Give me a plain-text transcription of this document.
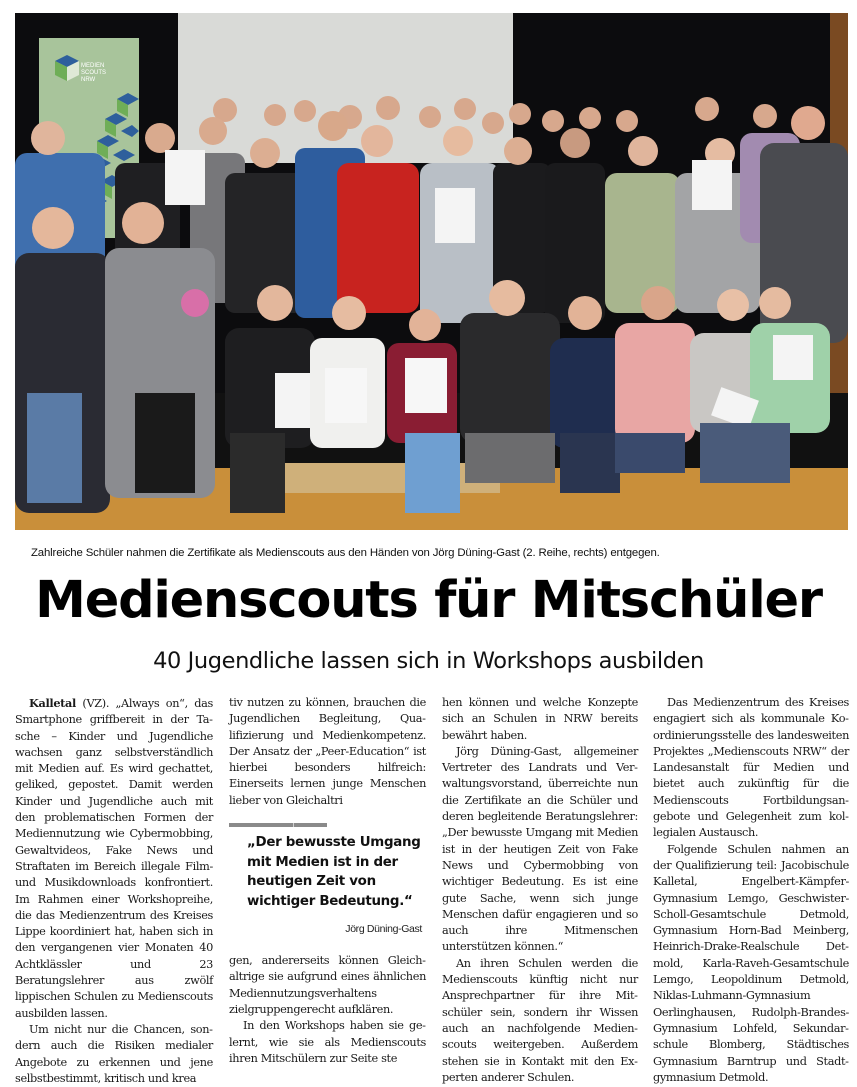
MEDIEN
SCOUTS
NRW
Zahlreiche Schüler nahmen die Zertifikate als Medienscouts aus den Händen von Jörg Düning-Gast (2. Reihe, rechts) entgegen.
Medienscouts für Mitschüler
40 Jugendliche lassen sich in Workshops ausbilden

Kalletal (VZ). „Always on“, das Smartphone griffbereit in der Tasche – Kinder und Jugendliche wachsen ganz selbstverständlich mit Medien auf. Es wird gechattet, geliked, gepostet. Damit werden Kinder und Jugendliche auch mit den problematischen Formen der Mediennutzung wie Cybermobbing, Gewaltvideos, Fake News und Straftaten im Bereich illegale Film- und Musikdownloads konfrontiert. Im Rahmen einer Workshopreihe, die das Medienzentrum des Kreises Lippe koordiniert hat, haben sich in den vergangenen vier Monaten 40 Achtklässler und 23 Beratungslehrer aus zwölf lippischen Schulen zu Medienscouts ausbilden lassen.

Um nicht nur die Chancen, sondern auch die Risiken medialer Angebote zu erkennen und jene selbstbestimmt, kritisch und krea

tiv nutzen zu können, brauchen die Jugendlichen Begleitung, Qualifizierung und Medienkompetenz. Der Ansatz der „Peer-Education“ ist hierbei besonders hilfreich: Einerseits lernen junge Menschen lieber von Gleichaltri

„Der bewusste Umgang mit Medien ist in der heutigen Zeit von wichtiger Bedeutung.“
Jörg Düning-Gast

gen, andererseits können Gleichaltrige sie aufgrund eines ähnlichen Mediennutzungsverhaltens zielgruppengerecht aufklären.

In den Workshops haben sie gelernt, wie sie als Medienscouts ihren Mitschülern zur Seite ste

hen können und welche Konzepte sich an Schulen in NRW bereits bewährt haben.

Jörg Düning-Gast, allgemeiner Vertreter des Landrats und Verwaltungsvorstand, überreichte nun die Zertifikate an die Schüler und deren begleitende Beratungslehrer: „Der bewusste Umgang mit Medien ist in der heutigen Zeit von Fake News und Cybermobbing von wichtiger Bedeutung. Es ist eine gute Sache, wenn sich junge Menschen dafür engagieren und so auch ihre Mitmenschen unterstützen können.“

An ihren Schulen werden die Medienscouts künftig nicht nur Ansprechpartner für ihre Mitschüler sein, sondern ihr Wissen auch an nachfolgende Medienscouts weitergeben. Außerdem stehen sie in Kontakt mit den Experten anderer Schulen.

Das Medienzentrum des Kreises engagiert sich als kommunale Koordinierungsstelle des landesweiten Projektes „Medienscouts NRW“ der Landesanstalt für Medien und bietet auch zukünftig für die Medienscouts Fortbildungsangebote und Gelegenheit zum kollegialen Austausch.

Folgende Schulen nahmen an der Qualifizierung teil: Jacobischule Kalletal, Engelbert-Kämpfer-Gymnasium Lemgo, Geschwister-Scholl-Gesamtschule Detmold, Gymnasium Horn-Bad Meinberg, Heinrich-Drake-Realschule Detmold, Karla-Raveh-Gesamtschule Lemgo, Leopoldinum Detmold, Niklas-Luhmann-Gymnasium Oerlinghausen, Rudolph-Brandes-Gymnasium Lohfeld, Sekundarschule Blomberg, Städtisches Gymnasium Barntrup und Stadtgymnasium Detmold.
